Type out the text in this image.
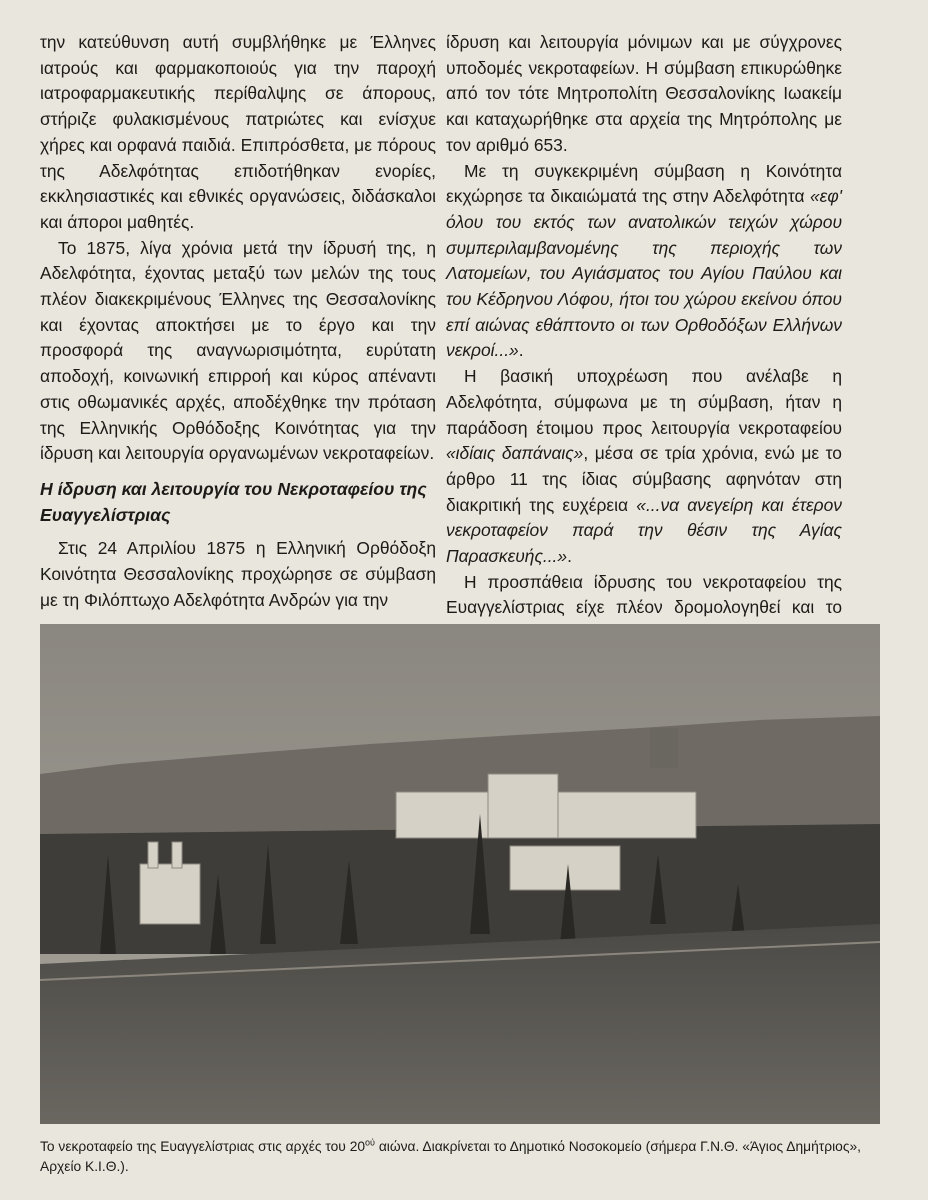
την κατεύθυνση αυτή συμβλήθηκε με Έλληνες ιατρούς και φαρμακοποιούς για την παροχή ιατροφαρμακευτικής περίθαλψης σε άπορους, στήριζε φυλακισμένους πατριώτες και ενίσχυε χήρες και ορφανά παιδιά. Επιπρόσθετα, με πόρους της Αδελφότητας επιδοτήθηκαν ενορίες, εκκλησιαστικές και εθνικές οργανώσεις, διδάσκαλοι και άποροι μαθητές.

Το 1875, λίγα χρόνια μετά την ίδρυσή της, η Αδελφότητα, έχοντας μεταξύ των μελών της τους πλέον διακεκριμένους Έλληνες της Θεσσαλονίκης και έχοντας αποκτήσει με το έργο και την προσφορά της αναγνωρισιμότητα, ευρύτατη αποδοχή, κοινωνική επιρροή και κύρος απέναντι στις οθωμανικές αρχές, αποδέχθηκε την πρόταση της Ελληνικής Ορθόδοξης Κοινότητας για την ίδρυση και λειτουργία οργανωμένων νεκροταφείων.

Η ίδρυση και λειτουργία του Νεκροταφείου της Ευαγγελίστριας

Στις 24 Απριλίου 1875 η Ελληνική Ορθόδοξη Κοινότητα Θεσσαλονίκης προχώρησε σε σύμβαση με τη Φιλόπτωχο Αδελφότητα Ανδρών για την

ίδρυση και λειτουργία μόνιμων και με σύγχρονες υποδομές νεκροταφείων. Η σύμβαση επικυρώθηκε από τον τότε Μητροπολίτη Θεσσαλονίκης Ιωακείμ και καταχωρήθηκε στα αρχεία της Μητρόπολης με τον αριθμό 653.

Με τη συγκεκριμένη σύμβαση η Κοινότητα εκχώρησε τα δικαιώματά της στην Αδελφότητα «εφ' όλου του εκτός των ανατολικών τειχών χώρου συμπεριλαμβανομένης της περιοχής των Λατομείων, του Αγιάσματος του Αγίου Παύλου και του Κέδρηνου Λόφου, ήτοι του χώρου εκείνου όπου επί αιώνας εθάπτοντο οι των Ορθοδόξων Ελλήνων νεκροί...».

Η βασική υποχρέωση που ανέλαβε η Αδελφότητα, σύμφωνα με τη σύμβαση, ήταν η παράδοση έτοιμου προς λειτουργία νεκροταφείου «ιδίαις δαπάναις», μέσα σε τρία χρόνια, ενώ με το άρθρο 11 της ίδιας σύμβασης αφηνόταν στη διακριτική της ευχέρεια «...να ανεγείρη και έτερον νεκροταφείον παρά την θέσιν της Αγίας Παρασκευής...».

Η προσπάθεια ίδρυσης του νεκροταφείου της Ευαγγελίστριας είχε πλέον δρομολογηθεί και το

Το νεκροταφείο της Ευαγγελίστριας στις αρχές του $20^{oύ}$ αιώνα. Διακρίνεται το Δημοτικό Νοσοκομείο (σήμερα Γ.Ν.Θ. «Άγιος Δημήτριος», Αρχείο Κ.Ι.Θ.).
